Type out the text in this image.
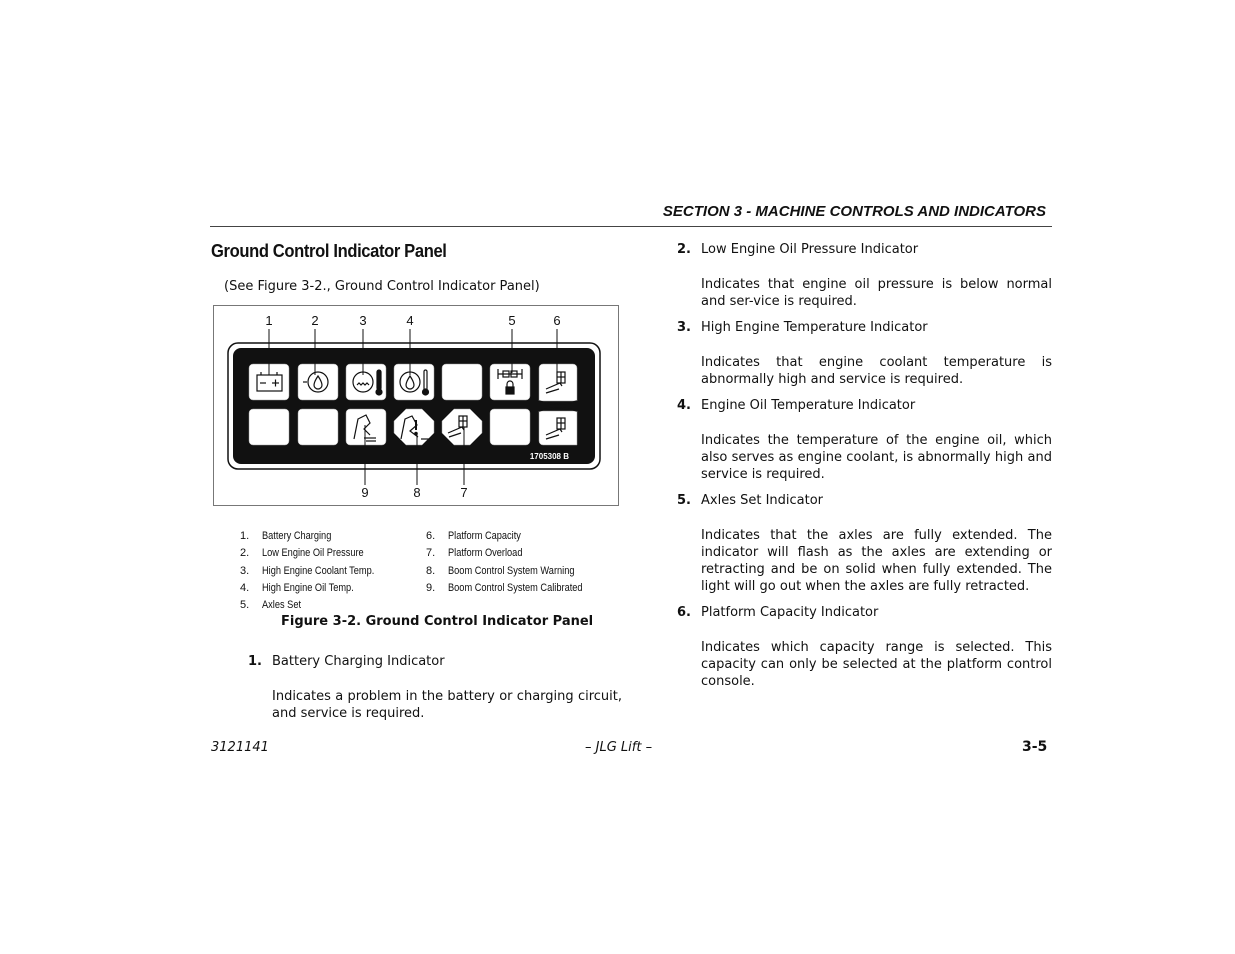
SECTION 3 - MACHINE CONTROLS AND INDICATORS
Ground Control Indicator Panel
(See Figure 3-2., Ground Control Indicator Panel)
1	2	3	4	5	6
9	8	7
1705308 B
1. Battery Charging
2. Low Engine Oil Pressure
3. High Engine Coolant Temp.
4. High Engine Oil Temp.
5. Axles Set
6. Platform Capacity
7. Platform Overload
8. Boom Control System Warning
9. Boom Control System Calibrated
Figure 3-2. Ground Control Indicator Panel
1. Battery Charging Indicator
Indicates a problem in the battery or charging circuit, and service is required.
2. Low Engine Oil Pressure Indicator
Indicates that engine oil pressure is below normal and ser-vice is required.
3. High Engine Temperature Indicator
Indicates that engine coolant temperature is abnormally high and service is required.
4. Engine Oil Temperature Indicator
Indicates the temperature of the engine oil, which also serves as engine coolant, is abnormally high and service is required.
5. Axles Set Indicator
Indicates that the axles are fully extended. The indicator will flash as the axles are extending or retracting and be on solid when fully extended. The light will go out when the axles are fully retracted.
6. Platform Capacity Indicator
Indicates which capacity range is selected. This capacity can only be selected at the platform control console.
3121141	– JLG Lift –	3-5
